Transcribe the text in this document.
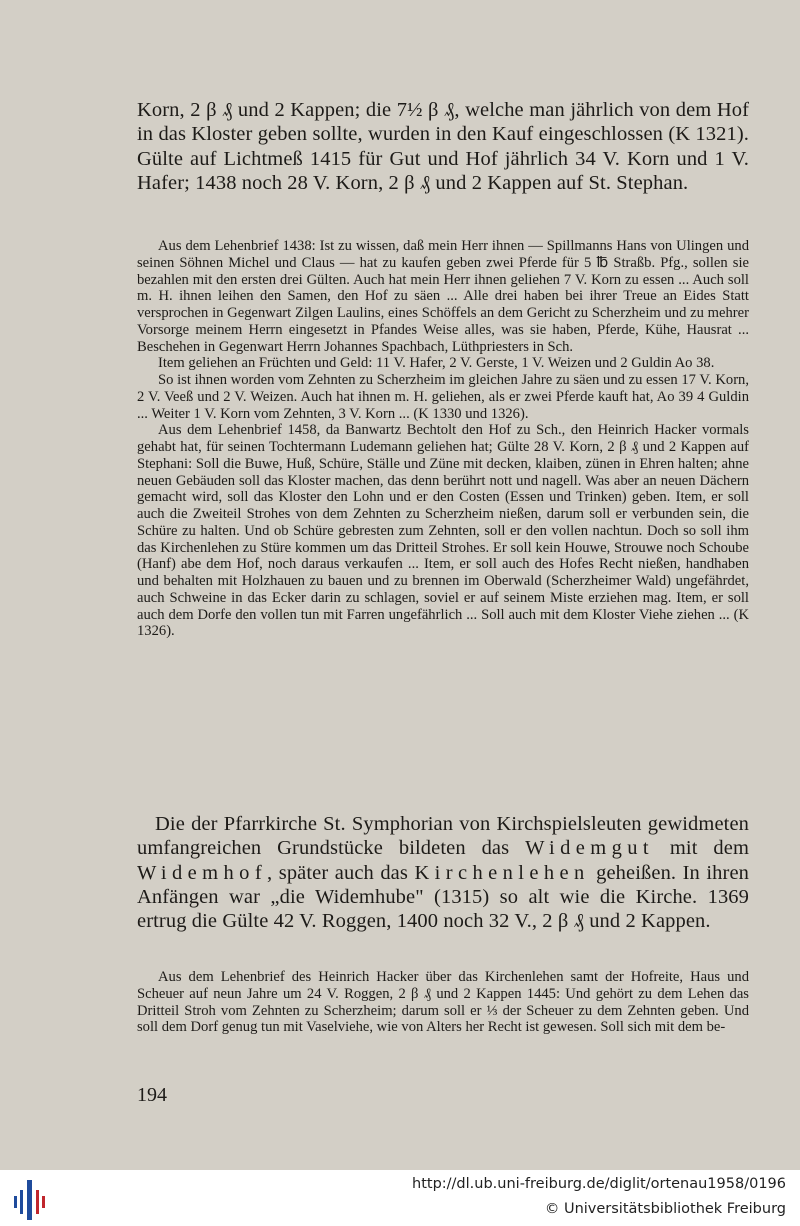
Korn, 2 β ₰ und 2 Kappen; die 7½ β ₰, welche man jährlich von dem Hof in das Kloster geben sollte, wurden in den Kauf eingeschlossen (K 1321). Gülte auf Lichtmeß 1415 für Gut und Hof jährlich 34 V. Korn und 1 V. Hafer; 1438 noch 28 V. Korn, 2 β ₰ und 2 Kappen auf St. Stephan.

Aus dem Lehenbrief 1438: Ist zu wissen, daß mein Herr ihnen — Spillmanns Hans von Ulingen und seinen Söhnen Michel und Claus — hat zu kaufen geben zwei Pferde für 5 ℔ Straßb. Pfg., sollen sie bezahlen mit den ersten drei Gülten. Auch hat mein Herr ihnen geliehen 7 V. Korn zu essen ... Auch soll m. H. ihnen leihen den Samen, den Hof zu säen ... Alle drei haben bei ihrer Treue an Eides Statt versprochen in Gegenwart Zilgen Laulins, eines Schöffels an dem Gericht zu Scherzheim und zu mehrer Vorsorge meinem Herrn eingesetzt in Pfandes Weise alles, was sie haben, Pferde, Kühe, Hausrat ... Beschehen in Gegenwart Herrn Johannes Spachbach, Lüthpriesters in Sch.

Item geliehen an Früchten und Geld: 11 V. Hafer, 2 V. Gerste, 1 V. Weizen und 2 Guldin Ao 38.

So ist ihnen worden vom Zehnten zu Scherzheim im gleichen Jahre zu säen und zu essen 17 V. Korn, 2 V. Veeß und 2 V. Weizen. Auch hat ihnen m. H. geliehen, als er zwei Pferde kauft hat, Ao 39 4 Guldin ... Weiter 1 V. Korn vom Zehnten, 3 V. Korn ... (K 1330 und 1326).

Aus dem Lehenbrief 1458, da Banwartz Bechtolt den Hof zu Sch., den Heinrich Hacker vormals gehabt hat, für seinen Tochtermann Ludemann geliehen hat; Gülte 28 V. Korn, 2 β ₰ und 2 Kappen auf Stephani: Soll die Buwe, Huß, Schüre, Ställe und Züne mit decken, klaiben, zünen in Ehren halten; ahne neuen Gebäuden soll das Kloster machen, das denn berührt nott und nagell. Was aber an neuen Dächern gemacht wird, soll das Kloster den Lohn und er den Costen (Essen und Trinken) geben. Item, er soll auch die Zweiteil Strohes von dem Zehnten zu Scherzheim nießen, darum soll er verbunden sein, die Schüre zu halten. Und ob Schüre gebresten zum Zehnten, soll er den vollen nachtun. Doch so soll ihm das Kirchenlehen zu Stüre kommen um das Dritteil Strohes. Er soll kein Houwe, Strouwe noch Schoube (Hanf) abe dem Hof, noch daraus verkaufen ... Item, er soll auch des Hofes Recht nießen, handhaben und behalten mit Holzhauen zu bauen und zu brennen im Oberwald (Scherzheimer Wald) ungefährdet, auch Schweine in das Ecker darin zu schlagen, soviel er auf seinem Miste erziehen mag. Item, er soll auch dem Dorfe den vollen tun mit Farren ungefährlich ... Soll auch mit dem Kloster Viehe ziehen ... (K 1326).

Die der Pfarrkirche St. Symphorian von Kirchspielsleuten gewidmeten umfangreichen Grundstücke bildeten das Widemgut mit dem Widemhof, später auch das Kirchenlehen geheißen. In ihren Anfängen war „die Widemhube" (1315) so alt wie die Kirche. 1369 ertrug die Gülte 42 V. Roggen, 1400 noch 32 V., 2 β ₰ und 2 Kappen.

Aus dem Lehenbrief des Heinrich Hacker über das Kirchenlehen samt der Hofreite, Haus und Scheuer auf neun Jahre um 24 V. Roggen, 2 β ₰ und 2 Kappen 1445: Und gehört zu dem Lehen das Dritteil Stroh vom Zehnten zu Scherzheim; darum soll er ⅓ der Scheuer zu dem Zehnten geben. Und soll dem Dorf genug tun mit Vaselviehe, wie von Alters her Recht ist gewesen. Soll sich mit dem be-

194
http://dl.ub.uni-freiburg.de/diglit/ortenau1958/0196
© Universitätsbibliothek Freiburg
